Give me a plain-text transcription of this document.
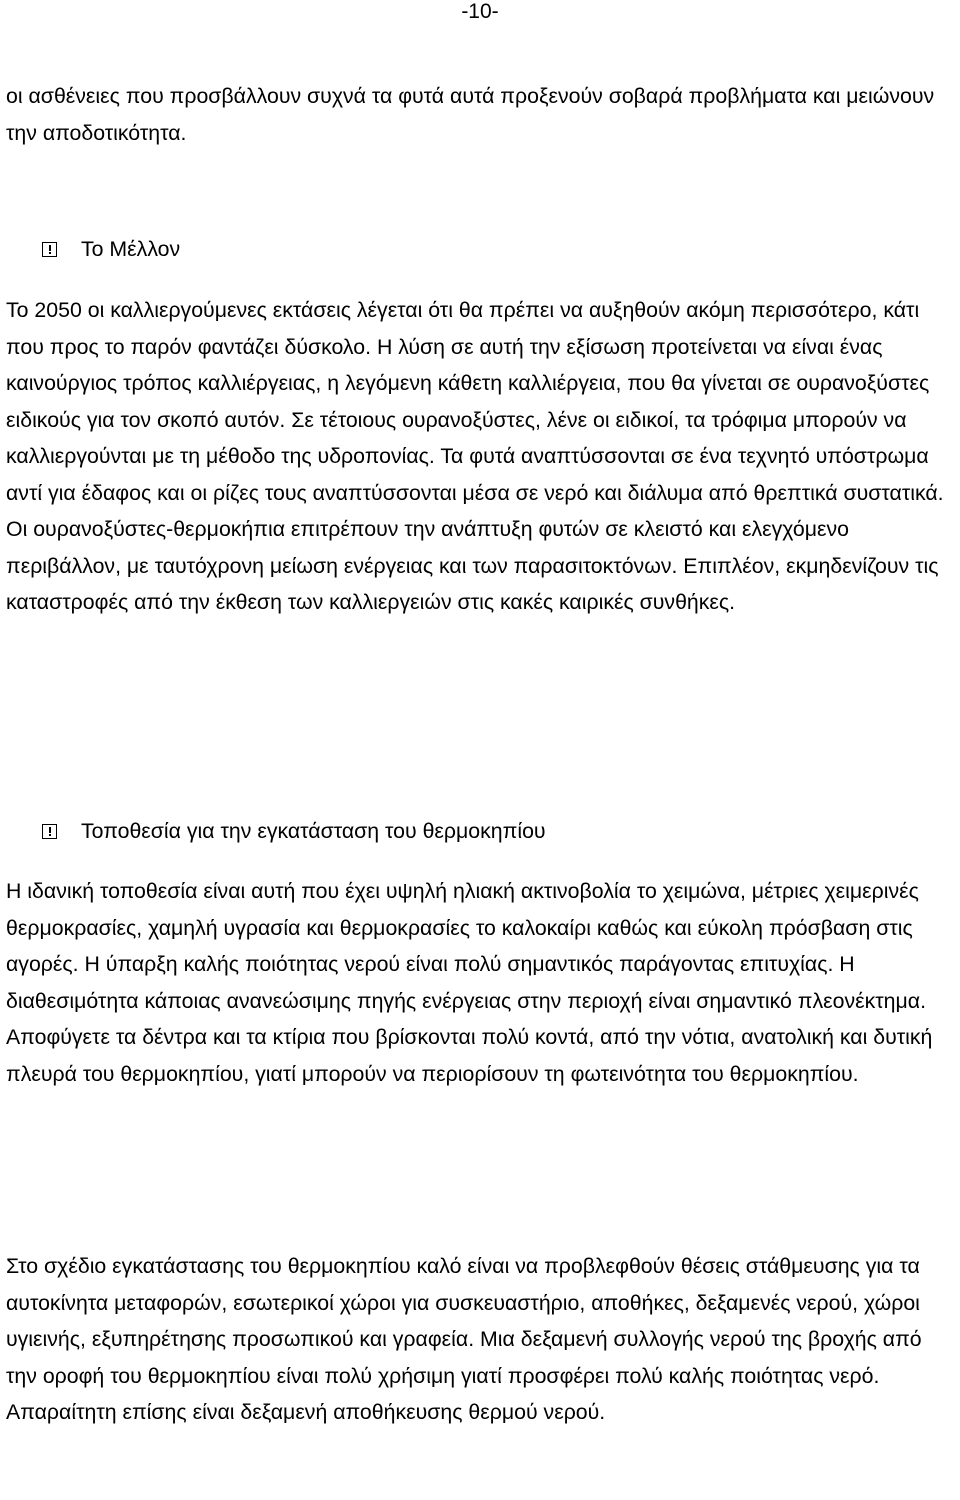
-10-

οι ασθένειες που προσβάλλουν συχνά τα φυτά αυτά προξενούν σοβαρά προβλήματα και μειώνουν την αποδοτικότητα.

Το Μέλλον

Το 2050 οι καλλιεργούμενες εκτάσεις λέγεται ότι θα πρέπει να αυξηθούν ακόμη περισσότερο, κάτι που προς το παρόν φαντάζει δύσκολο. Η λύση σε αυτή την εξίσωση προτείνεται να είναι ένας καινούργιος τρόπος καλλιέργειας, η λεγόμενη κάθετη καλλιέργεια, που θα γίνεται σε ουρανοξύστες ειδικούς για τον σκοπό αυτόν. Σε τέτοιους ουρανοξύστες, λένε οι ειδικοί, τα τρόφιμα μπορούν να καλλιεργούνται με τη μέθοδο της υδροπονίας. Τα φυτά αναπτύσσονται σε ένα τεχνητό υπόστρωμα αντί για έδαφος και οι ρίζες τους αναπτύσσονται μέσα σε νερό και διάλυμα από θρεπτικά συστατικά. Οι ουρανοξύστες-θερμοκήπια επιτρέπουν την ανάπτυξη φυτών σε κλειστό και ελεγχόμενο περιβάλλον, με ταυτόχρονη μείωση ενέργειας και των παρασιτοκτόνων. Επιπλέον, εκμηδενίζουν τις καταστροφές από την έκθεση των καλλιεργειών στις κακές καιρικές συνθήκες.

Τοποθεσία για την εγκατάσταση του θερμοκηπίου

Η ιδανική τοποθεσία είναι αυτή που έχει υψηλή ηλιακή ακτινοβολία το χειμώνα, μέτριες χειμερινές θερμοκρασίες, χαμηλή υγρασία και θερμοκρασίες το καλοκαίρι καθώς και εύκολη πρόσβαση στις αγορές. Η ύπαρξη καλής ποιότητας νερού είναι πολύ σημαντικός παράγοντας επιτυχίας. Η διαθεσιμότητα κάποιας ανανεώσιμης πηγής ενέργειας στην περιοχή είναι σημαντικό πλεονέκτημα. Αποφύγετε τα δέντρα και τα κτίρια που βρίσκονται πολύ κοντά, από την νότια, ανατολική και δυτική πλευρά του θερμοκηπίου, γιατί μπορούν να περιορίσουν τη φωτεινότητα του θερμοκηπίου.

Στο σχέδιο εγκατάστασης του θερμοκηπίου καλό είναι να προβλεφθούν θέσεις στάθμευσης για τα αυτοκίνητα μεταφορών, εσωτερικοί χώροι για συσκευαστήριο, αποθήκες, δεξαμενές νερού, χώροι υγιεινής, εξυπηρέτησης προσωπικού και γραφεία. Μια δεξαμενή συλλογής νερού της βροχής από την οροφή του θερμοκηπίου είναι πολύ χρήσιμη γιατί προσφέρει πολύ καλής ποιότητας νερό. Απαραίτητη επίσης είναι δεξαμενή αποθήκευσης θερμού νερού.
